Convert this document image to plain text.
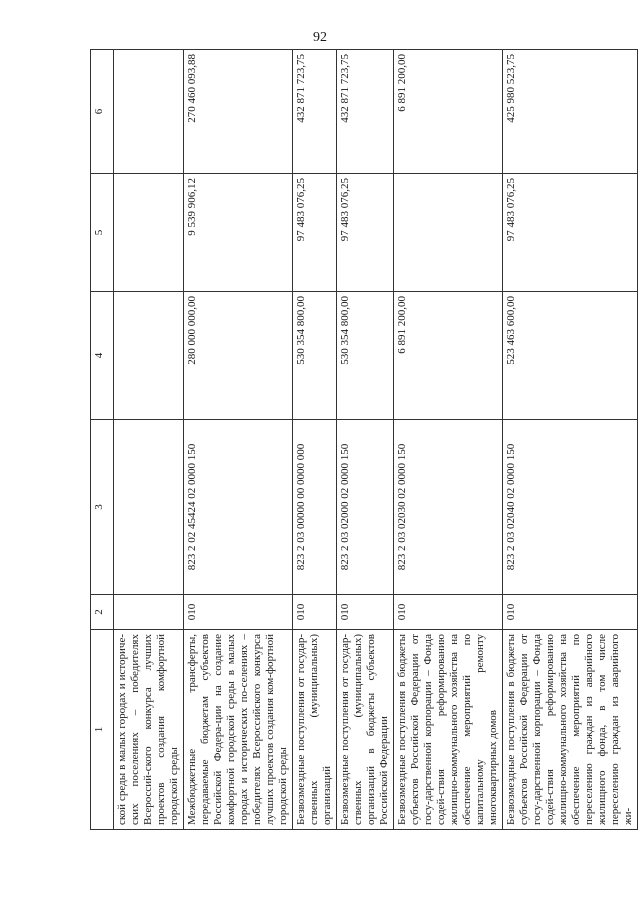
92
1	2	3	4	5	6
ской среды в малых городах и историче-ских поселениях – победителях Всероссий-ского конкурса лучших проектов создания комфортной городской среды					
Межбюджетные трансферты, передаваемые бюджетам субъектов Российской Федера-ции на создание комфортной городской среды в малых городах и исторических по-селениях – победителях Всероссийского конкурса лучших проектов создания ком-фортной городской среды	010	823 2 02 45424 02 0000 150	280 000 000,00	9 539 906,12	270 460 093,88
Безвозмездные поступления от государ-ственных (муниципальных) организаций	010	823 2 03 00000 00 0000 000	530 354 800,00	97 483 076,25	432 871 723,75
Безвозмездные поступления от государ-ственных (муниципальных) организаций в бюджеты субъектов Российской Федерации	010	823 2 03 02000 02 0000 150	530 354 800,00	97 483 076,25	432 871 723,75
Безвозмездные поступления в бюджеты субъектов Российской Федерации от госу-дарственной корпорации – Фонда содей-ствия реформированию жилищно-коммунального хозяйства на обеспечение мероприятий по капитальному ремонту многоквартирных домов	010	823 2 03 02030 02 0000 150	6 891 200,00		6 891 200,00
Безвозмездные поступления в бюджеты субъектов Российской Федерации от госу-дарственной корпорации – Фонда содей-ствия реформированию жилищно-коммунального хозяйства на обеспечение мероприятий по переселению граждан из аварийного жилищного фонда, в том числе переселению граждан из аварийного жи-	010	823 2 03 02040 02 0000 150	523 463 600,00	97 483 076,25	425 980 523,75
